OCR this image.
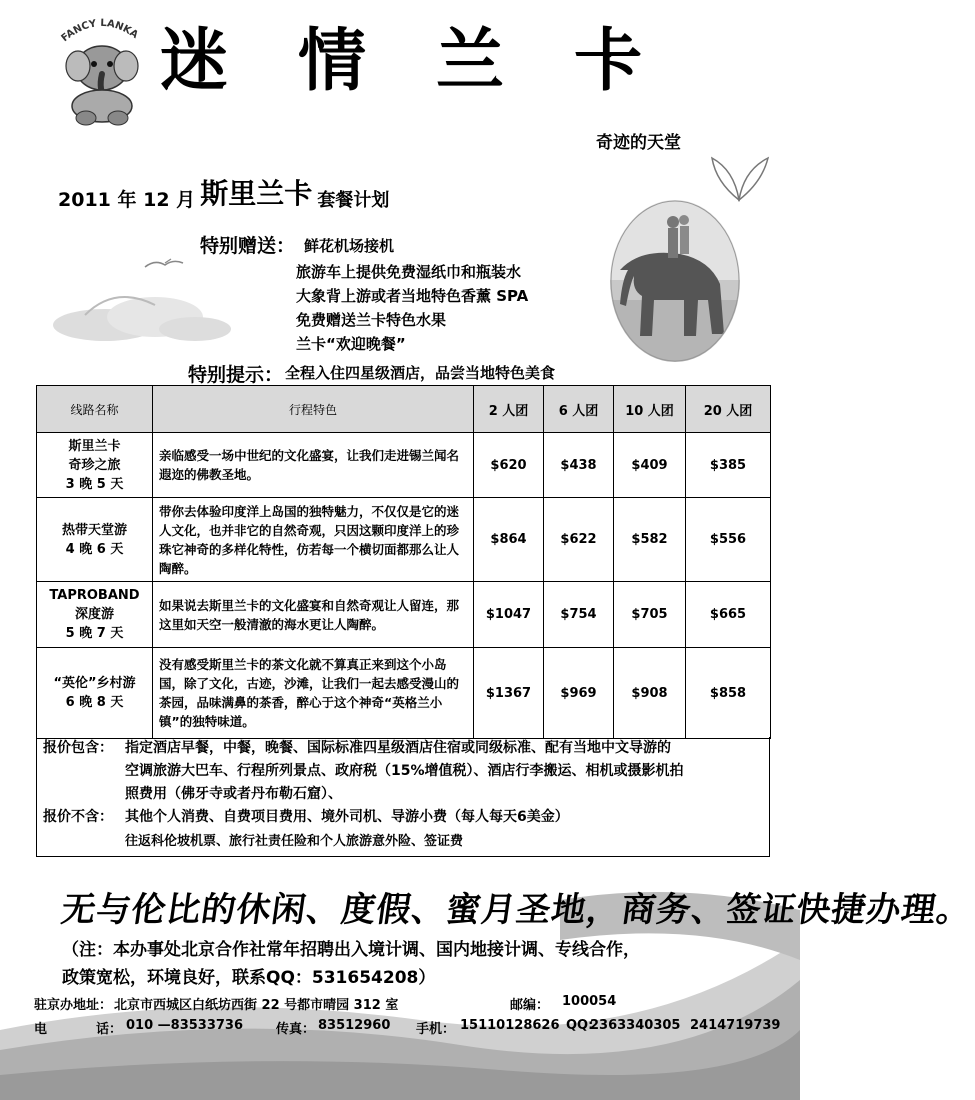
FANCY LANKA 迷情兰卡
奇迹的天堂
2011 年 12 月 斯里兰卡 套餐计划
特别赠送： 鲜花机场接机
旅游车上提供免费湿纸巾和瓶装水
大象背上游或者当地特色香薰 SPA
免费赠送兰卡特色水果
兰卡“欢迎晚餐”
特别提示： 全程入住四星级酒店，品尝当地特色美食
线路名称	行程特色	2 人团	6 人团	10 人团	20 人团

斯里兰卡
奇珍之旅
3 晚 5 天	亲临感受一场中世纪的文化盛宴，让我们走进锡兰闻名遐迩的佛教圣地。	$620	$438	$409	$385

热带天堂游
4 晚 6 天	带你去体验印度洋上岛国的独特魅力，不仅仅是它的迷人文化，也并非它的自然奇观，只因这颗印度洋上的珍珠它神奇的多样化特性，仿若每一个横切面都那么让人陶醉。	$864	$622	$582	$556

TAPROBAND
深度游
5 晚 7 天	如果说去斯里兰卡的文化盛宴和自然奇观让人留连，那这里如天空一般清澈的海水更让人陶醉。	$1047	$754	$705	$665

“英伦”乡村游
6 晚 8 天	没有感受斯里兰卡的茶文化就不算真正来到这个小岛国，除了文化，古迹，沙滩，让我们一起去感受漫山的茶园，品味满鼻的茶香，醉心于这个神奇“英格兰小镇”的独特味道。	$1367	$969	$908	$858
报价包含： 指定酒店早餐，中餐，晚餐、国际标准四星级酒店住宿或同级标准、配有当地中文导游的
空调旅游大巴车、行程所列景点、政府税（15%增值税）、酒店行李搬运、相机或摄影机拍
照费用（佛牙寺或者丹布勒石窟）、
报价不含： 其他个人消费、自费项目费用、境外司机、导游小费（每人每天6美金）
往返科伦坡机票、旅行社责任险和个人旅游意外险、签证费
无与伦比的休闲、度假、蜜月圣地，商务、签证快捷办理。
（注：本办事处北京合作社常年招聘出入境计调、国内地接计调、专线合作，
政策宽松，环境良好，联系QQ：531654208）
驻京办地址： 北京市西城区白纸坊西街 22 号都市晴园 312 室	邮编： 100054
电	话： 010 —83533736	传真： 83512960 手机： 15110128626 QQ:
2363340305 2414719739
